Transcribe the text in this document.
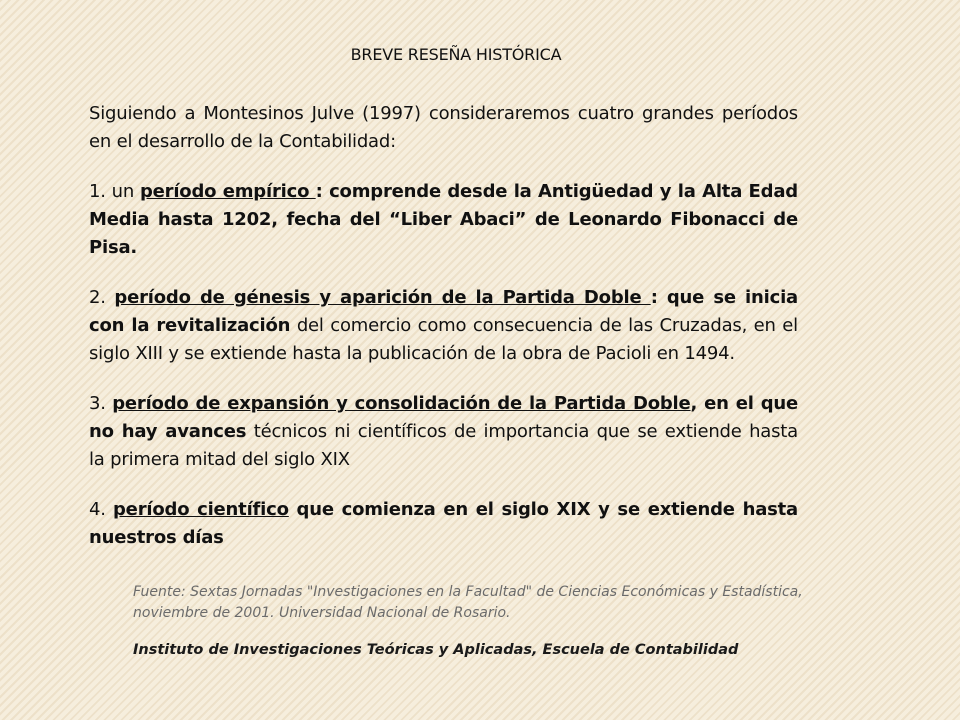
BREVE RESEÑA HISTÓRICA

Siguiendo a Montesinos Julve (1997) consideraremos cuatro grandes períodos en el desarrollo de la Contabilidad:

1. un período empírico : comprende desde la Antigüedad y la Alta Edad Media hasta 1202, fecha del “Liber Abaci” de Leonardo Fibonacci de Pisa.

2. período de génesis y aparición de la Partida Doble : que se inicia con la revitalización del comercio como consecuencia de las Cruzadas, en el siglo XIII y se extiende hasta la publicación de la obra de Pacioli en 1494.

3. período de expansión y consolidación de la Partida Doble, en el que no hay avances técnicos ni científicos de importancia que se extiende hasta la primera mitad del siglo XIX

4. período científico que comienza en el siglo XIX y se extiende hasta nuestros días

Fuente: Sextas Jornadas "Investigaciones en la Facultad" de Ciencias Económicas y Estadística, noviembre de 2001. Universidad Nacional de Rosario.

Instituto de Investigaciones Teóricas y Aplicadas, Escuela de Contabilidad
